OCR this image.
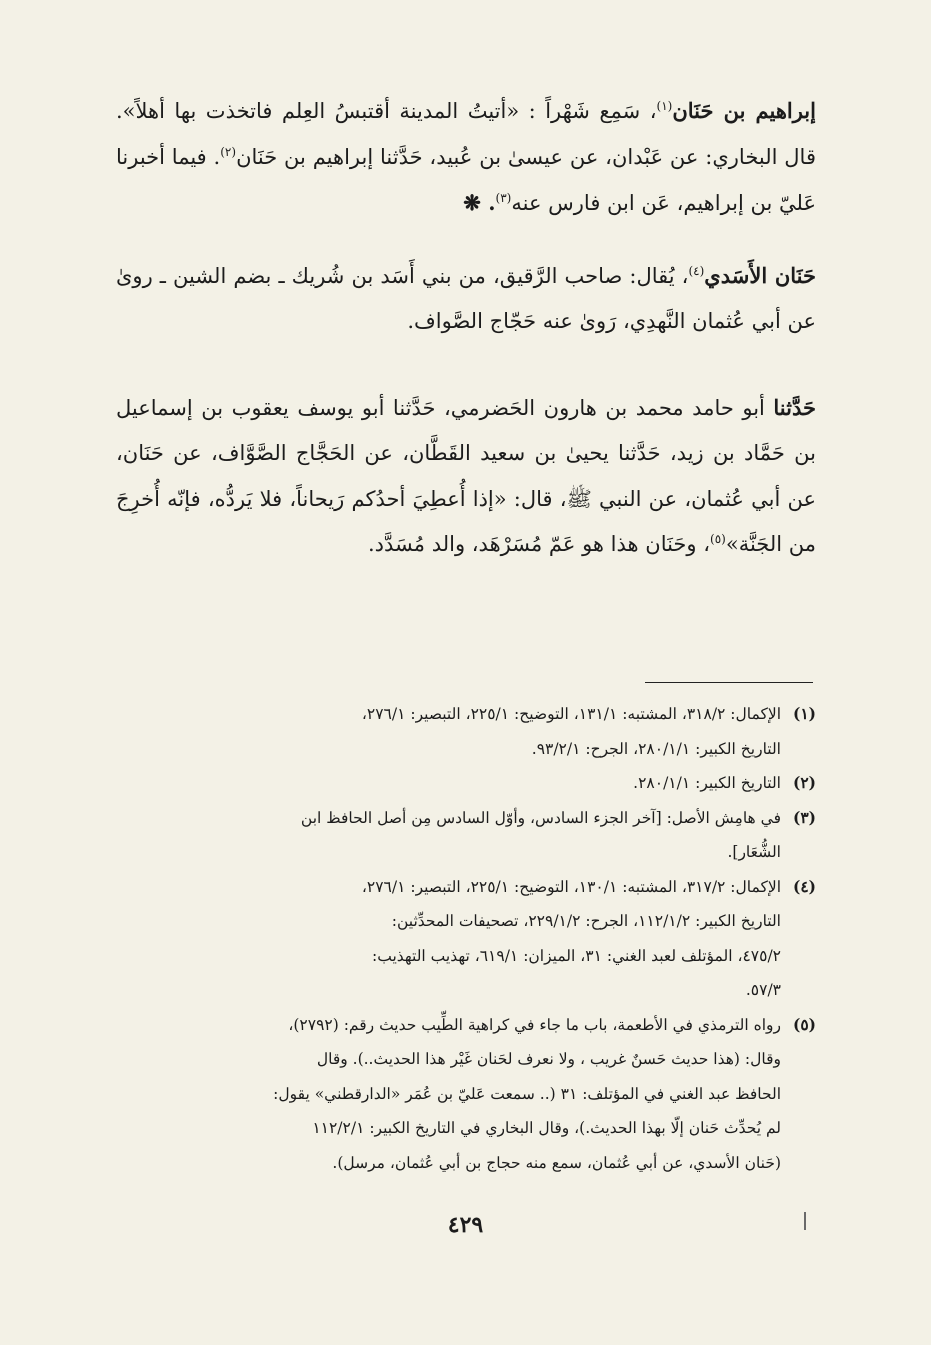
إبراهيم بن حَنَان$^{(١)}$، سَمِع شَهْراً : «أتيتُ المدينة أقتبسُ العِلم فاتخذت بها أهلاً». قال البخاري: عن عَبْدان، عن عيسىٰ بن عُبيد، حَدَّثنا إبراهيم بن حَنَان$^{(٢)}$. فيما أخبرنا عَليّ بن إبراهيم، عَن ابن فارس عنه$^{(٣)}$. ❋

حَنَان الأَسَدي$^{(٤)}$، يُقال: صاحب الرَّقيق، من بني أَسَد بن شُريك ـ بضم الشين ـ روىٰ عن أبي عُثمان النَّهدِي، رَوىٰ عنه حَجّاج الصَّواف.

حَدَّثنا أبو حامد محمد بن هارون الحَضرمي، حَدَّثنا أبو يوسف يعقوب بن إسماعيل بن حَمَّاد بن زيد، حَدَّثنا يحيىٰ بن سعيد القَطَّان، عن الحَجَّاج الصَّوَّاف، عن حَنَان، عن أبي عُثمان، عن النبي ﷺ، قال: «إذا أُعطِيَ أحدُكم رَيحاناً، فلا يَردُّه، فإنّه أُخرِجَ من الجَنَّة»$^{(٥)}$، وحَنَان هذا هو عَمّ مُسَرْهَد، والد مُسَدَّد.

(١)
الإكمال: ٣١٨/٢، المشتبه: ١٣١/١، التوضيح: ٢٢٥/١، التبصير: ٢٧٦/١،
التاريخ الكبير: ٢٨٠/١/١، الجرح: ٩٣/٢/١.
(٢)
التاريخ الكبير: ٢٨٠/١/١.
(٣)
في هامِش الأصل: [آخر الجزء السادس، وأوّل السادس مِن أصل الحافظ ابن
الشُّعَار].
(٤)
الإكمال: ٣١٧/٢، المشتبه: ١٣٠/١، التوضيح: ٢٢٥/١، التبصير: ٢٧٦/١،
التاريخ الكبير: ١١٢/١/٢، الجرح: ٢٢٩/١/٢، تصحيفات المحدِّثين:
٤٧٥/٢، المؤتلف لعبد الغني: ٣١، الميزان: ٦١٩/١، تهذيب التهذيب:
٥٧/٣.
(٥)
رواه الترمذي في الأطعمة، باب ما جاء في كراهية الطِّيب حديث رقم: (٢٧٩٢)،
وقال: (هذا حديث حَسنٌ غريب ، ولا نعرف لحَنان غَيْر هذا الحديث..). وقال
الحافظ عبد الغني في المؤتلف: ٣١ (.. سمعت عَليّ بن عُمَر «الدارقطني» يقول:
لم يُحدِّث حَنان إلّا بهذا الحديث.)، وقال البخاري في التاريخ الكبير: ١١٢/٢/١
(حَنان الأسدي، عن أبي عُثمان، سمع منه حجاج بن أبي عُثمان، مرسل).
٤٢٩
